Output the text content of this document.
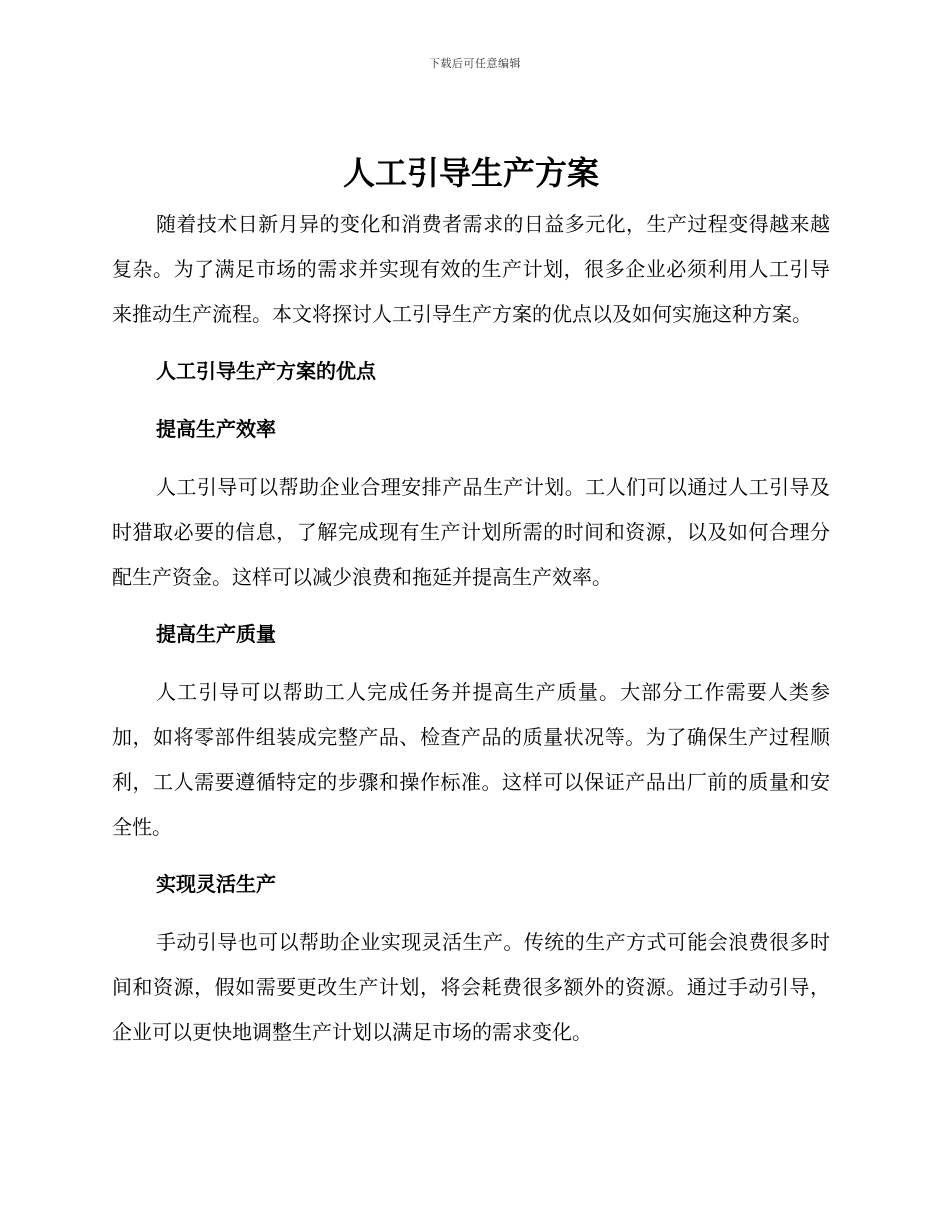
下载后可任意编辑
人工引导生产方案

随着技术日新月异的变化和消费者需求的日益多元化，生产过程变得越来越复杂。为了满足市场的需求并实现有效的生产计划，很多企业必须利用人工引导来推动生产流程。本文将探讨人工引导生产方案的优点以及如何实施这种方案。

人工引导生产方案的优点
提高生产效率

人工引导可以帮助企业合理安排产品生产计划。工人们可以通过人工引导及时猎取必要的信息，了解完成现有生产计划所需的时间和资源，以及如何合理分配生产资金。这样可以减少浪费和拖延并提高生产效率。

提高生产质量

人工引导可以帮助工人完成任务并提高生产质量。大部分工作需要人类参加，如将零部件组装成完整产品、检查产品的质量状况等。为了确保生产过程顺利，工人需要遵循特定的步骤和操作标准。这样可以保证产品出厂前的质量和安全性。

实现灵活生产

手动引导也可以帮助企业实现灵活生产。传统的生产方式可能会浪费很多时间和资源，假如需要更改生产计划，将会耗费很多额外的资源。通过手动引导，企业可以更快地调整生产计划以满足市场的需求变化。
